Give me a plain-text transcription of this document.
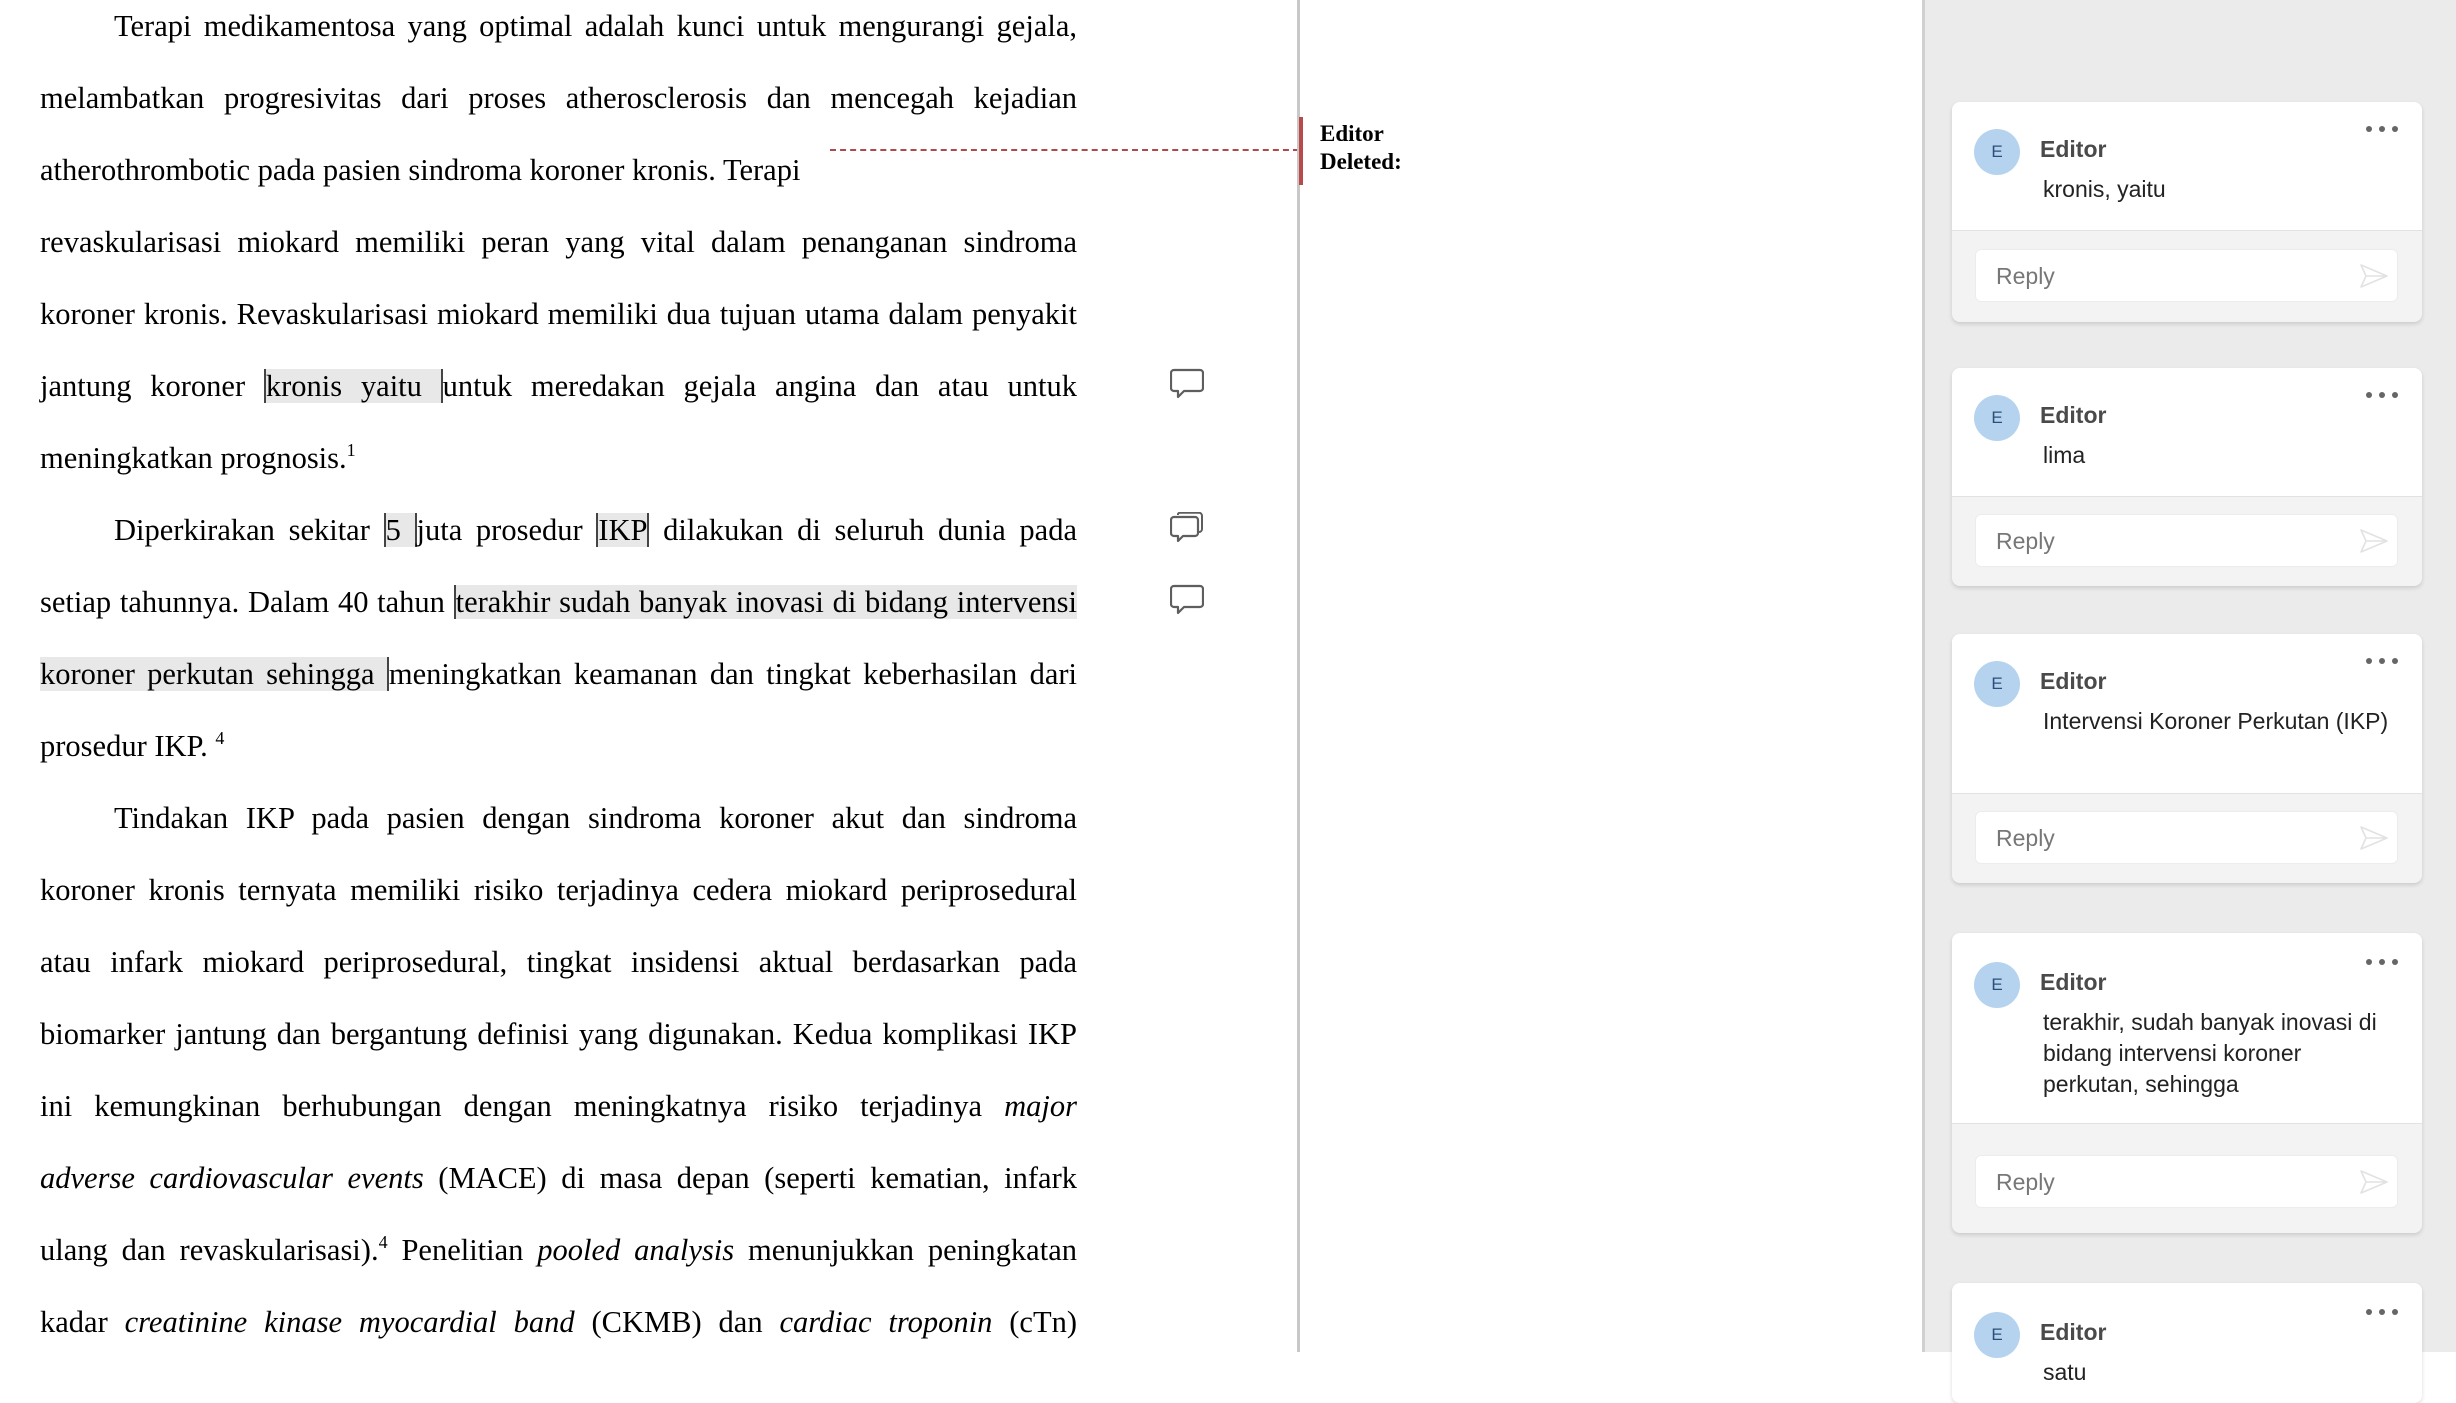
Terapi medikamentosa yang optimal adalah kunci untuk mengurangi gejala,
melambatkan progresivitas dari proses atherosclerosis dan mencegah kejadian
atherothrombotic pada pasien sindroma koroner kronis. Terapi
revaskularisasi miokard memiliki peran yang vital dalam penanganan sindroma
koroner kronis. Revaskularisasi miokard memiliki dua tujuan utama dalam penyakit
jantung koroner kronis yaitu untuk meredakan gejala angina dan atau untuk
meningkatkan prognosis.$^1$
Diperkirakan sekitar 5 juta prosedur IKP dilakukan di seluruh dunia pada
setiap tahunnya. Dalam 40 tahun terakhir sudah banyak inovasi di bidang intervensi
koroner perkutan sehingga meningkatkan keamanan dan tingkat keberhasilan dari
prosedur IKP. $^4$
Tindakan IKP pada pasien dengan sindroma koroner akut dan sindroma
koroner kronis ternyata memiliki risiko terjadinya cedera miokard periprosedural
atau infark miokard periprosedural, tingkat insidensi aktual berdasarkan pada
biomarker jantung dan bergantung definisi yang digunakan. Kedua komplikasi IKP
ini kemungkinan berhubungan dengan meningkatnya risiko terjadinya major
adverse cardiovascular events (MACE) di masa depan (seperti kematian, infark
ulang dan revaskularisasi).$^4$ Penelitian pooled analysis menunjukkan peningkatan
kadar creatinine kinase myocardial band (CKMB) dan cardiac troponin (cTn)
Editor
Deleted:	E	Editor
kronis, yaitu
Reply
E	Editor
lima
Reply
E	Editor
Intervensi Koroner Perkutan (IKP)
Reply
E	Editor
terakhir, sudah banyak inovasi di bidang intervensi koroner perkutan, sehingga
Reply
E	Editor
satu
